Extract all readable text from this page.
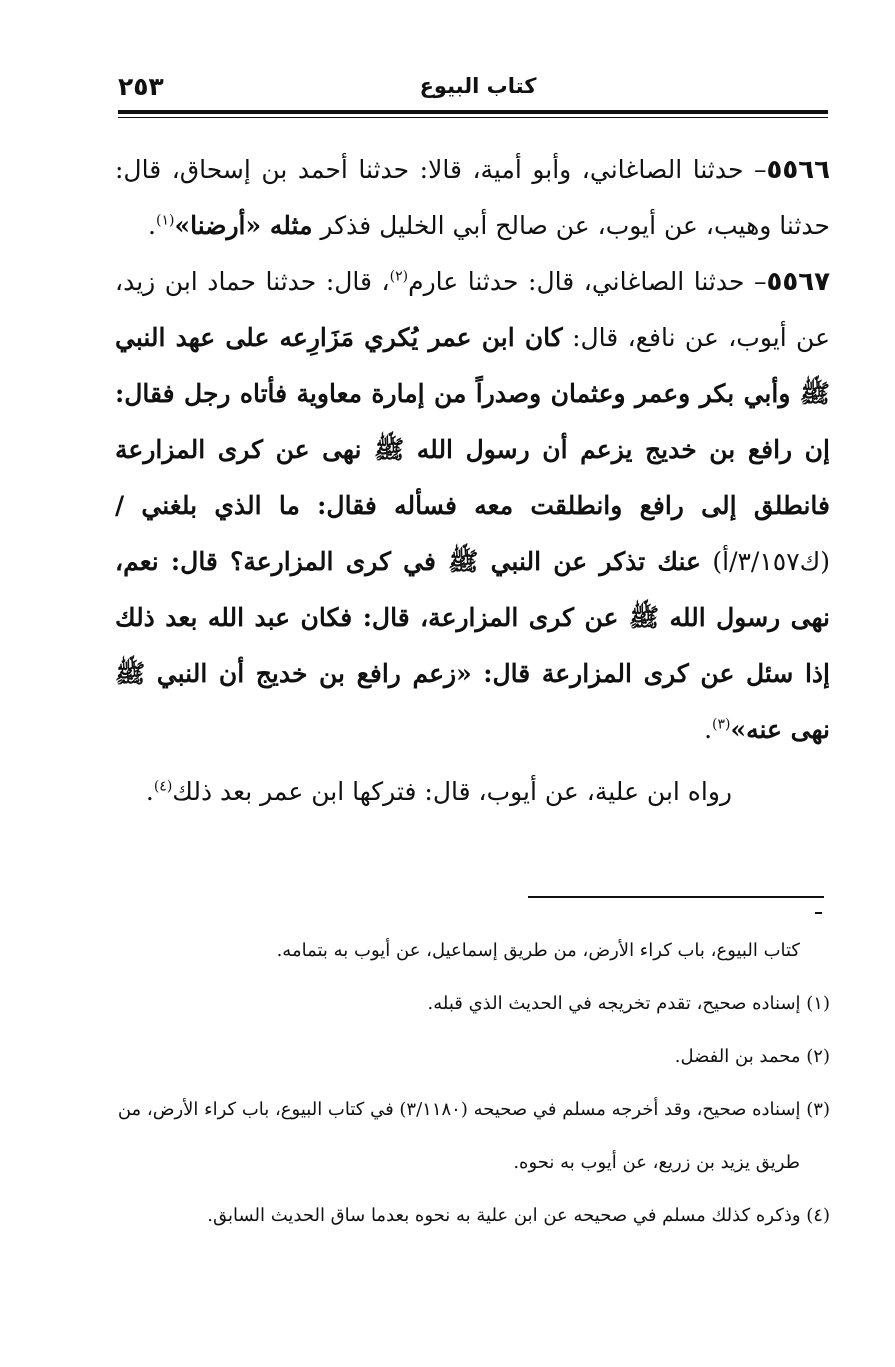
٢٥٣	كتاب البيوع

٥٥٦٦– حدثنا الصاغاني، وأبو أمية، قالا: حدثنا أحمد بن إسحاق، قال: حدثنا وهيب، عن أيوب، عن صالح أبي الخليل فذكر مثله «أرضنا»$^{(١)}$.

٥٥٦٧– حدثنا الصاغاني، قال: حدثنا عارم$^{(٢)}$، قال: حدثنا حماد ابن زيد، عن أيوب، عن نافع، قال: كان ابن عمر يُكري مَزَارِعه على عهد النبي ﷺ وأبي بكر وعمر وعثمان وصدراً من إمارة معاوية فأتاه رجل فقال: إن رافع بن خديج يزعم أن رسول الله ﷺ نهى عن كرى المزارعة فانطلق إلى رافع وانطلقت معه فسأله فقال: ما الذي بلغني / (ك٣/١٥٧/أ) عنك تذكر عن النبي ﷺ في كرى المزارعة؟ قال: نعم، نهى رسول الله ﷺ عن كرى المزارعة، قال: فكان عبد الله بعد ذلك إذا سئل عن كرى المزارعة قال: «زعم رافع بن خديج أن النبي ﷺ نهى عنه»$^{(٣)}$.

رواه ابن علية، عن أيوب، قال: فتركها ابن عمر بعد ذلك$^{(٤)}$.

كتاب البيوع، باب كراء الأرض، من طريق إسماعيل، عن أيوب به بتمامه.

(١) إسناده صحيح، تقدم تخريجه في الحديث الذي قبله.

(٢) محمد بن الفضل.

(٣) إسناده صحيح، وقد أخرجه مسلم في صحيحه (٣/١١٨٠) في كتاب البيوع، باب كراء الأرض، من طريق يزيد بن زريع، عن أيوب به نحوه.

(٤) وذكره كذلك مسلم في صحيحه عن ابن علية به نحوه بعدما ساق الحديث السابق.
